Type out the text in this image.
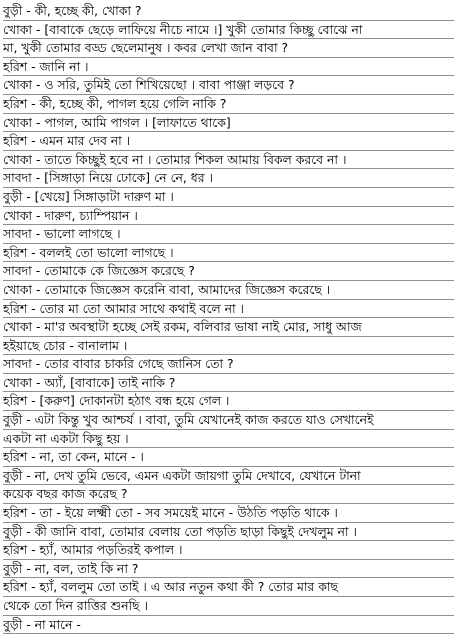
বুড়ী - কী, হচ্ছে কী, খোকা ?
খোকা - [বাবাকে ছেড়ে লাফিয়ে নীচে নামে ।] খুকী তোমার কিচ্ছু বোঝে না
মা, খুকী তোমার বড্ড ছেলেমানুষ । কবর লেখা জান বাবা ?
হরিশ - জানি না ।
খোকা - ও সরি, তুমিই তো শিখিয়েছো । বাবা পাঞ্জা লড়বে ?
হরিশ - কী, হচ্ছে কী, পাগল হয়ে গেলি নাকি ?
খোকা - পাগল, আমি পাগল । [লাফাতে থাকে]
হরিশ - এমন মার দেব না ।
খোকা - তাতে কিচ্ছুই হবে না । তোমার শিকল আমায় বিকল করবে না ।
সাবদা - [সিঙ্গাড়া নিয়ে ঢোকে] নে নে, ধর ।
বুড়ী - [খেয়ে] সিঙ্গাড়াটা দারুণ মা ।
খোকা - দারুণ, চ্যাম্পিয়ান ।
সাবদা - ভালো লাগছে ।
হরিশ - বললই তো ভালো লাগছে ।
সাবদা - তোমাকে কে জিজ্ঞেস করেছে ?
খোকা - তোমাকে জিজ্ঞেস করেনি বাবা, আমাদের জিজ্ঞেস করেছে ।
হরিশ - তোর মা তো আমার সাথে কথাই বলে না ।
খোকা - মা'র অবস্থাটা হচ্ছে সেই রকম, বলিবার ভাষা নাই মোর, সাধু আজ
হইয়াছে চোর - বানালাম ।
সাবদা - তোর বাবার চাকরি গেছে জানিস তো ?
খোকা - অ্যাঁ, [বাবাকে] তাই নাকি ?
হরিশ - [করুণ] দোকানটা হঠাৎ বন্ধ হয়ে গেল ।
বুড়ী - এটা কিন্তু খুব আশ্চর্য । বাবা, তুমি যেখানেই কাজ করতে যাও সেখানেই
একটা না একটা কিছু হয় ।
হরিশ - না, তা কেন, মানে - ।
বুড়ী - না, দেখ তুমি ভেবে, এমন একটা জায়গা তুমি দেখাবে, যেখানে টানা
কয়েক বছর কাজ করেছ ?
হরিশ - তা - ইয়ে লক্ষ্মী তো - সব সময়েই মানে - উঠতি পড়তি থাকে ।
বুড়ী - কী জানি বাবা, তোমার বেলায় তো পড়তি ছাড়া কিছুই দেখলুম না ।
হরিশ - হ্যাঁ, আমার পড়তিরই কপাল ।
বুড়ী - না, বল, তাই কি না ?
হরিশ - হ্যাঁ, বললুম তো তাই । এ আর নতুন কথা কী ? তোর মার কাছ
থেকে তো দিন রাত্তির শুনছি ।
বুড়ী - না মানে -
